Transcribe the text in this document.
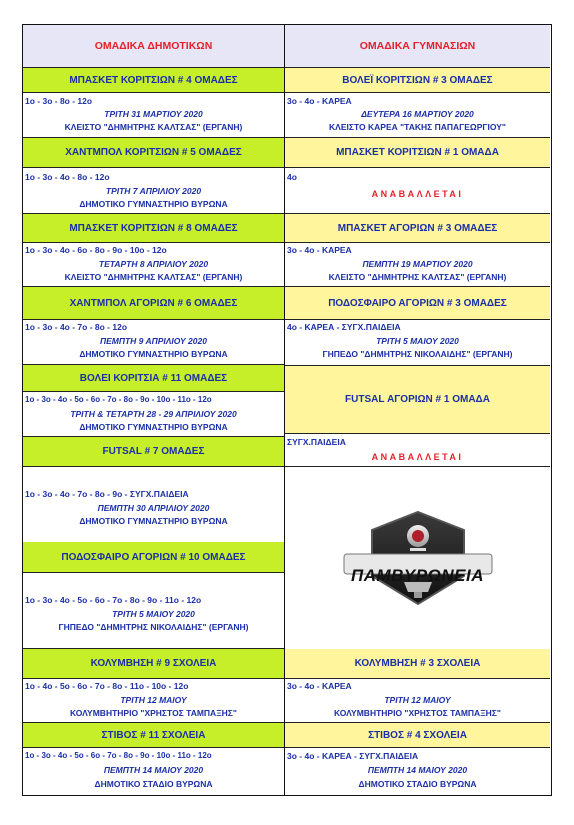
ΟΜΑΔΙΚΑ ΔΗΜΟΤΙΚΩΝ
ΜΠΑΣΚΕΤ ΚΟΡΙΤΣΙΩΝ # 4 ΟΜΑΔΕΣ
1ο - 3ο - 8ο - 12ο
ΤΡΙΤΗ 31 ΜΑΡΤΙΟΥ 2020
ΚΛΕΙΣΤΟ "ΔΗΜΗΤΡΗΣ ΚΑΛΤΣΑΣ" (ΕΡΓΑΝΗ)
ΧΑΝΤΜΠΟΛ ΚΟΡΙΤΣΙΩΝ # 5 ΟΜΑΔΕΣ
1ο - 3ο - 4ο - 8ο - 12ο
ΤΡΙΤΗ 7 ΑΠΡΙΛΙΟΥ 2020
ΔΗΜΟΤΙΚΟ ΓΥΜΝΑΣΤΗΡΙΟ ΒΥΡΩΝΑ
ΜΠΑΣΚΕΤ ΚΟΡΙΤΣΙΩΝ # 8 ΟΜΑΔΕΣ
1ο - 3ο - 4ο - 6ο - 8ο - 9ο - 10ο - 12ο
ΤΕΤΑΡΤΗ 8 ΑΠΡΙΛΙΟΥ 2020
ΚΛΕΙΣΤΟ "ΔΗΜΗΤΡΗΣ ΚΑΛΤΣΑΣ" (ΕΡΓΑΝΗ)
ΧΑΝΤΜΠΟΛ ΑΓΟΡΙΩΝ # 6 ΟΜΑΔΕΣ
1ο - 3ο - 4ο - 7ο - 8ο - 12ο
ΠΕΜΠΤΗ 9 ΑΠΡΙΛΙΟΥ 2020
ΔΗΜΟΤΙΚΟ ΓΥΜΝΑΣΤΗΡΙΟ ΒΥΡΩΝΑ
ΒΟΛΕΙ ΚΟΡΙΤΣΙΑ # 11 ΟΜΑΔΕΣ
1ο - 3ο - 4ο - 5ο - 6ο - 7ο - 8ο - 9ο - 10ο - 11ο - 12ο
ΤΡΙΤΗ & ΤΕΤΑΡΤΗ 28 - 29 ΑΠΡΙΛΙΟΥ 2020
ΔΗΜΟΤΙΚΟ ΓΥΜΝΑΣΤΗΡΙΟ ΒΥΡΩΝΑ
FUTSAL # 7 ΟΜΑΔΕΣ
1ο - 3ο - 4ο - 7ο - 8ο - 9ο - ΣΥΓΧ.ΠΑΙΔΕΙΑ
ΠΕΜΠΤΗ 30 ΑΠΡΙΛΙΟΥ 2020
ΔΗΜΟΤΙΚΟ ΓΥΜΝΑΣΤΗΡΙΟ ΒΥΡΩΝΑ
ΠΟΔΟΣΦΑΙΡΟ ΑΓΟΡΙΩΝ # 10 ΟΜΑΔΕΣ
1ο - 3ο - 4ο - 5ο - 6ο - 7ο - 8ο - 9ο - 11ο - 12ο
ΤΡΙΤΗ 5 ΜΑΙΟΥ 2020
ΓΗΠΕΔΟ "ΔΗΜΗΤΡΗΣ ΝΙΚΟΛΑΙΔΗΣ" (ΕΡΓΑΝΗ)
ΚΟΛΥΜΒΗΣΗ # 9 ΣΧΟΛΕΙΑ
1ο - 4ο - 5ο - 6ο - 7ο - 8ο - 11ο - 10ο - 12ο
ΤΡΙΤΗ 12 ΜΑΙΟΥ
ΚΟΛΥΜΒΗΤΗΡΙΟ "ΧΡΗΣΤΟΣ ΤΑΜΠΑΞΗΣ"
ΣΤΙΒΟΣ # 11 ΣΧΟΛΕΙΑ
1ο - 3ο - 4ο - 5ο - 6ο - 7ο - 8ο - 9ο - 10ο - 11ο - 12ο
ΠΕΜΠΤΗ 14 ΜΑΙΟΥ 2020
ΔΗΜΟΤΙΚΟ ΣΤΑΔΙΟ ΒΥΡΩΝΑ
ΟΜΑΔΙΚΑ ΓΥΜΝΑΣΙΩΝ
ΒΟΛΕΪ ΚΟΡΙΤΣΙΩΝ # 3 ΟΜΑΔΕΣ
3ο - 4ο - ΚΑΡΕΑ
ΔΕΥΤΕΡΑ 16 ΜΑΡΤΙΟΥ 2020
ΚΛΕΙΣΤΟ ΚΑΡΕΑ "ΤΑΚΗΣ ΠΑΠΑΓΕΩΡΓΙΟΥ"
ΜΠΑΣΚΕΤ ΚΟΡΙΤΣΙΩΝ # 1 ΟΜΑΔΑ
4ο
ΑΝΑΒΑΛΛΕΤΑΙ
ΜΠΑΣΚΕΤ ΑΓΟΡΙΩΝ # 3 ΟΜΑΔΕΣ
3ο - 4ο - ΚΑΡΕΑ
ΠΕΜΠΤΗ 19 ΜΑΡΤΙΟΥ 2020
ΚΛΕΙΣΤΟ "ΔΗΜΗΤΡΗΣ ΚΑΛΤΣΑΣ" (ΕΡΓΑΝΗ)
ΠΟΔΟΣΦΑΙΡΟ ΑΓΟΡΙΩΝ # 3 ΟΜΑΔΕΣ
4ο - ΚΑΡΕΑ - ΣΥΓΧ.ΠΑΙΔΕΙΑ
ΤΡΙΤΗ 5 ΜΑΙΟΥ 2020
ΓΗΠΕΔΟ "ΔΗΜΗΤΡΗΣ ΝΙΚΟΛΑΙΔΗΣ" (ΕΡΓΑΝΗ)
FUTSAL ΑΓΟΡΙΩΝ # 1 ΟΜΑΔΑ
ΣΥΓΧ.ΠΑΙΔΕΙΑ
ΑΝΑΒΑΛΛΕΤΑΙ
ΠΑΜΒΥΡΩΝΕΙΑ
ΚΟΛΥΜΒΗΣΗ # 3 ΣΧΟΛΕΙΑ
3ο - 4ο - ΚΑΡΕΑ
ΤΡΙΤΗ 12 ΜΑΙΟΥ
ΚΟΛΥΜΒΗΤΗΡΙΟ "ΧΡΗΣΤΟΣ ΤΑΜΠΑΞΗΣ"
ΣΤΙΒΟΣ # 4 ΣΧΟΛΕΙΑ
3ο - 4ο - ΚΑΡΕΑ - ΣΥΓΧ.ΠΑΙΔΕΙΑ
ΠΕΜΠΤΗ 14 ΜΑΙΟΥ 2020
ΔΗΜΟΤΙΚΟ ΣΤΑΔΙΟ ΒΥΡΩΝΑ
